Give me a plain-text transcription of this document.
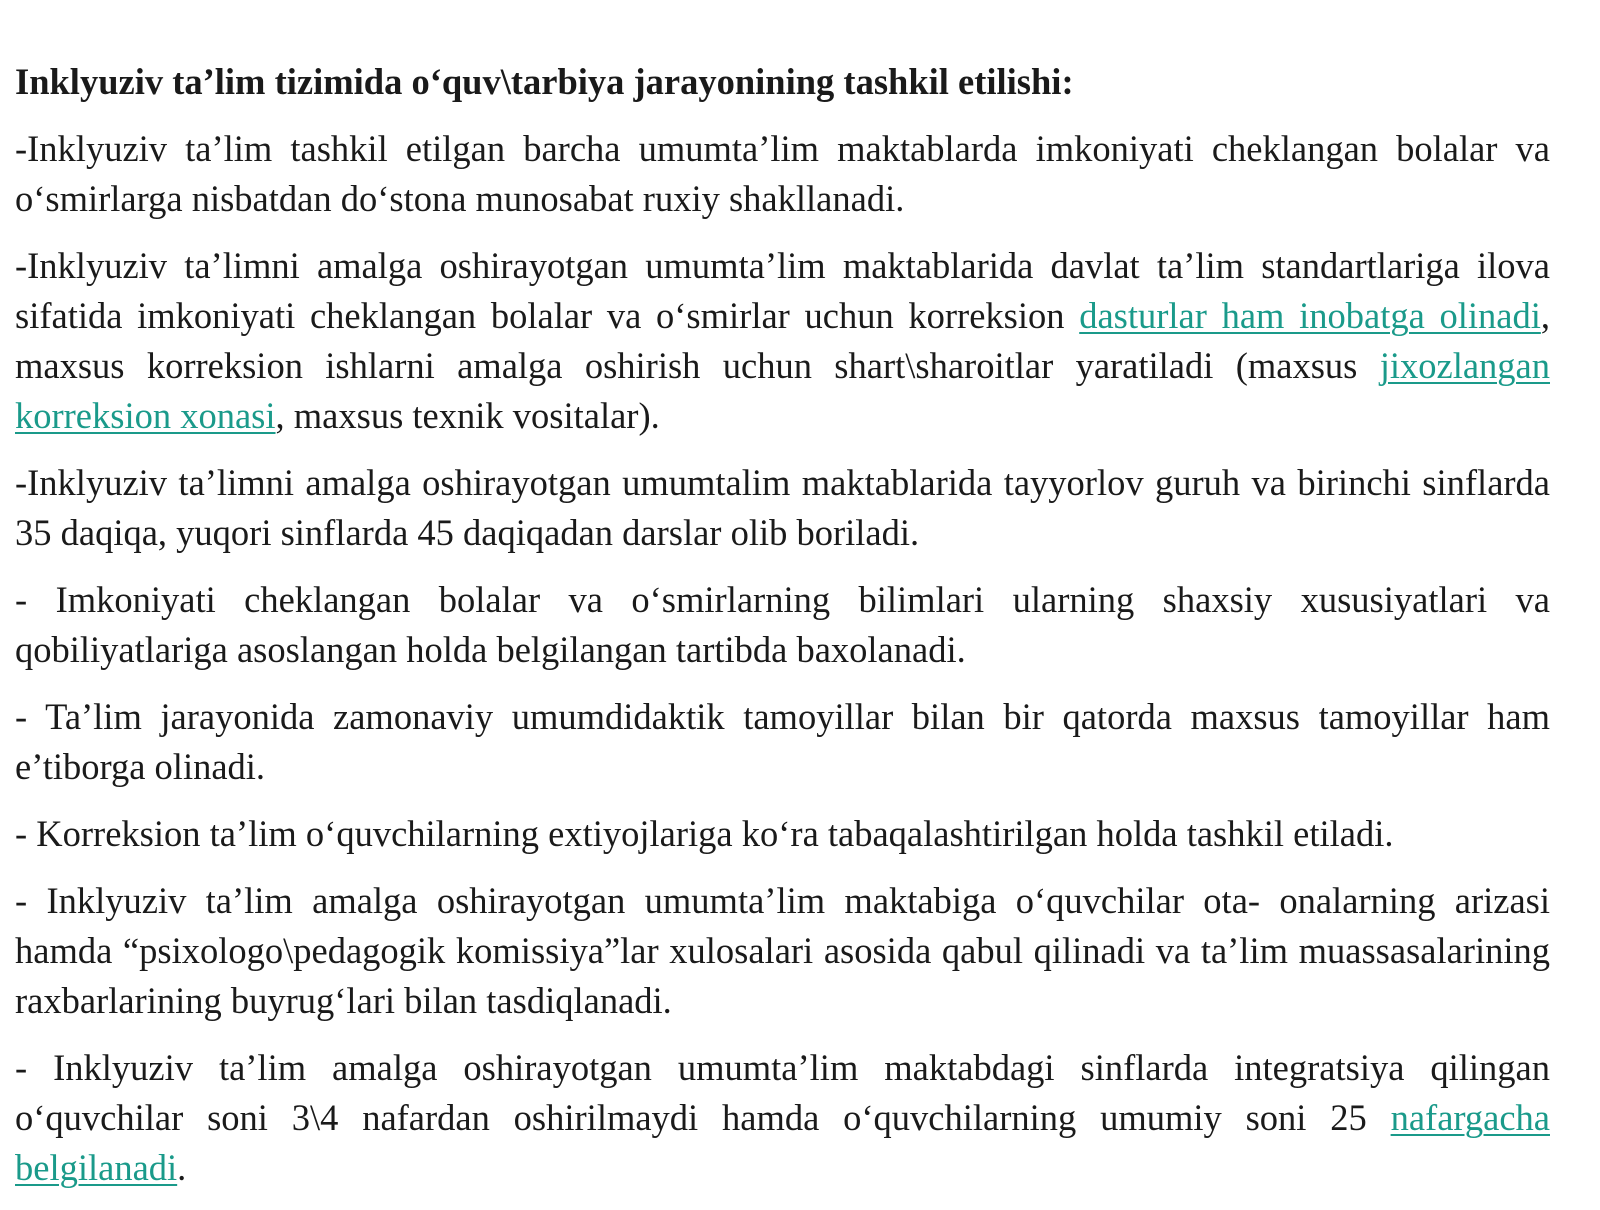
Inklyuziv ta’lim tizimida o‘quv\tarbiya jarayonining tashkil etilishi:

-Inklyuziv ta’lim tashkil etilgan barcha umumta’lim maktablarda imkoniyati cheklangan bolalar va o‘smirlarga nisbatdan do‘stona munosabat ruxiy shakllanadi.

-Inklyuziv ta’limni amalga oshirayotgan umumta’lim maktablarida davlat ta’lim standartlariga ilova sifatida imkoniyati cheklangan bolalar va o‘smirlar uchun korreksion dasturlar ham inobatga olinadi, maxsus korreksion ishlarni amalga oshirish uchun shart\sharoitlar yaratiladi (maxsus jixozlangan korreksion xonasi, maxsus texnik vositalar).

-Inklyuziv ta’limni amalga oshirayotgan umumtalim maktablarida tayyorlov guruh va birinchi sinflarda 35 daqiqa, yuqori sinflarda 45 daqiqadan darslar olib boriladi.

- Imkoniyati cheklangan bolalar va o‘smirlarning bilimlari ularning shaxsiy xususiyatlari va qobiliyatlariga asoslangan holda belgilangan tartibda baxolanadi.

- Ta’lim jarayonida zamonaviy umumdidaktik tamoyillar bilan bir qatorda maxsus tamoyillar ham e’tiborga olinadi.

- Korreksion ta’lim o‘quvchilarning extiyojlariga ko‘ra tabaqalashtirilgan holda tashkil etiladi.

- Inklyuziv ta’lim amalga oshirayotgan umumta’lim maktabiga o‘quvchilar ota- onalarning arizasi hamda “psixologo\pedagogik komissiya”lar xulosalari asosida qabul qilinadi va ta’lim muassasalarining raxbarlarining buyrug‘lari bilan tasdiqlanadi.

- Inklyuziv ta’lim amalga oshirayotgan umumta’lim maktabdagi sinflarda integratsiya qilingan o‘quvchilar soni 3\4 nafardan oshirilmaydi hamda o‘quvchilarning umumiy soni 25 nafargacha belgilanadi.
